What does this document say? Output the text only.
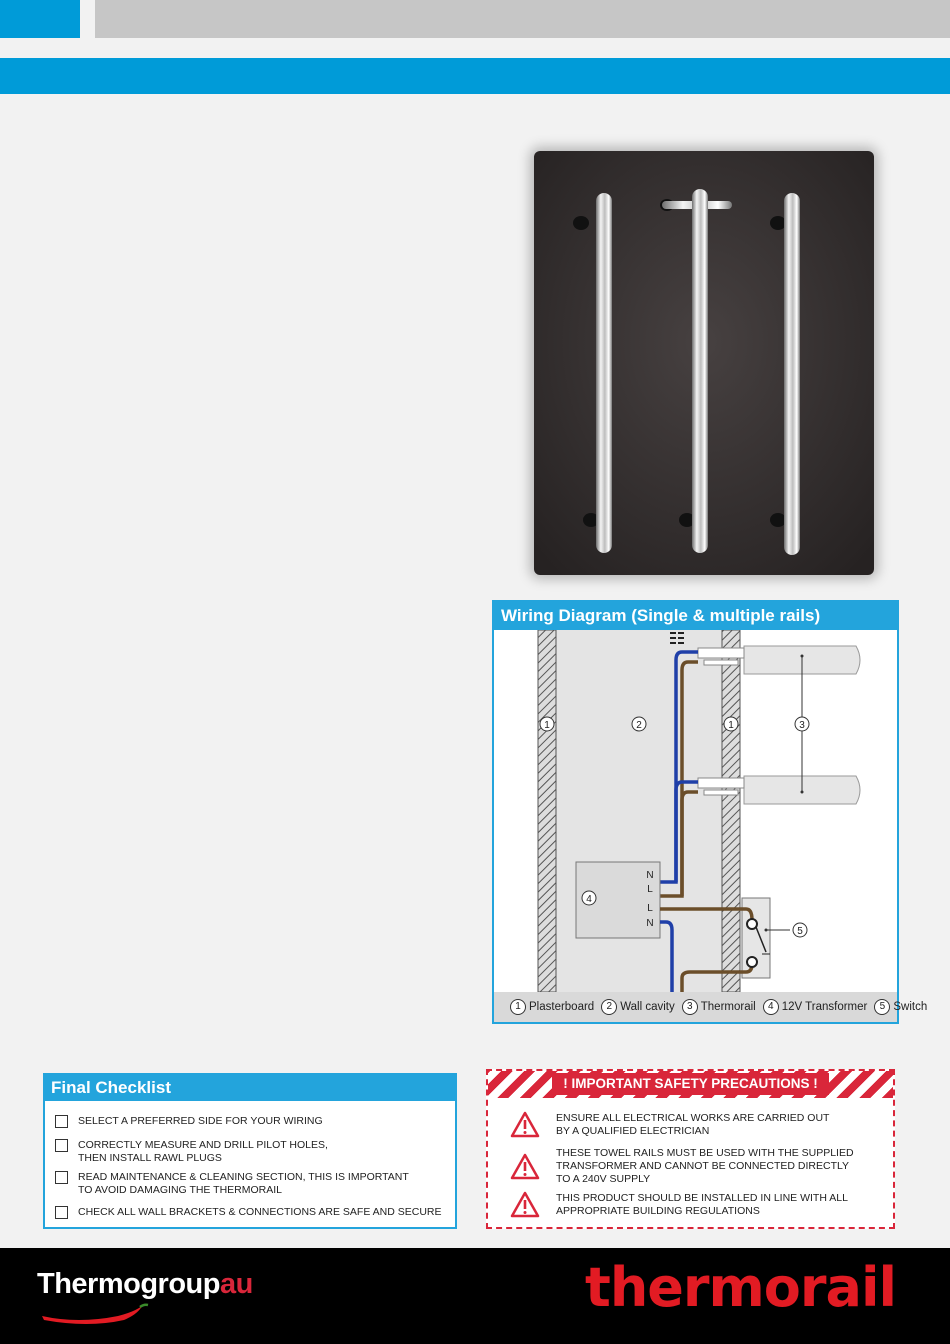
Wiring Diagram (Single & multiple rails)
N
L
L
N
1	2	1	3
4
5
1 Plasterboard	2 Wall cavity	3 Thermorail	4 12V Transformer	5 Switch
Final Checklist
SELECT A PREFERRED SIDE FOR YOUR WIRING
CORRECTLY MEASURE AND DRILL PILOT HOLES, THEN INSTALL RAWL PLUGS
READ MAINTENANCE & CLEANING SECTION, THIS IS IMPORTANT TO AVOID DAMAGING THE THERMORAIL
CHECK ALL WALL BRACKETS & CONNECTIONS ARE SAFE AND SECURE
! IMPORTANT SAFETY PRECAUTIONS !
ENSURE ALL ELECTRICAL WORKS ARE CARRIED OUT BY A QUALIFIED ELECTRICIAN
THESE TOWEL RAILS MUST BE USED WITH THE SUPPLIED TRANSFORMER AND CANNOT BE CONNECTED DIRECTLY TO A 240V SUPPLY
THIS PRODUCT SHOULD BE INSTALLED IN LINE WITH ALL APPROPRIATE BUILDING REGULATIONS
Thermogroupau	thermorail
